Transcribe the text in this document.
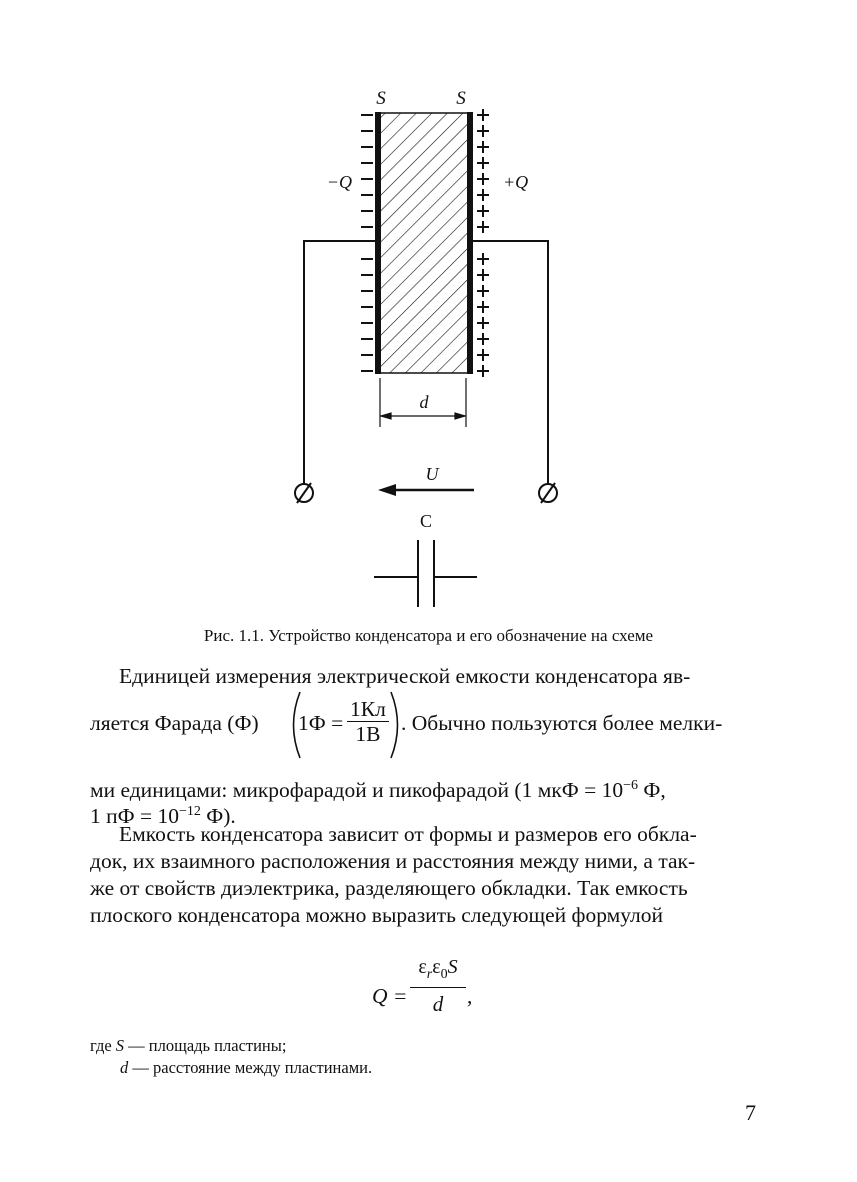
S	S
−Q	+Q
d
U
C
Рис. 1.1. Устройство конденсатора и его обозначение на схеме
Единицей измерения электрической емкости конденсатора яв-
ляется Фарада (Ф) 1Ф =
1Кл
1В . Обычно пользуются более мелки-
ми единицами: микрофарадой и пикофарадой (1 мкФ = $10^{-6}$ Ф,
1 пФ = $10^{-12}$ Ф).
Емкость конденсатора зависит от формы и размеров его обкла-
док, их взаимного расположения и расстояния между ними, а так-
же от свойств диэлектрика, разделяющего обкладки. Так емкость
плоского конденсатора можно выразить следующей формулой
Q =
$\varepsilon_r\varepsilon_0S$
d	,
где S — площадь пластины;
d — расстояние между пластинами.
7
